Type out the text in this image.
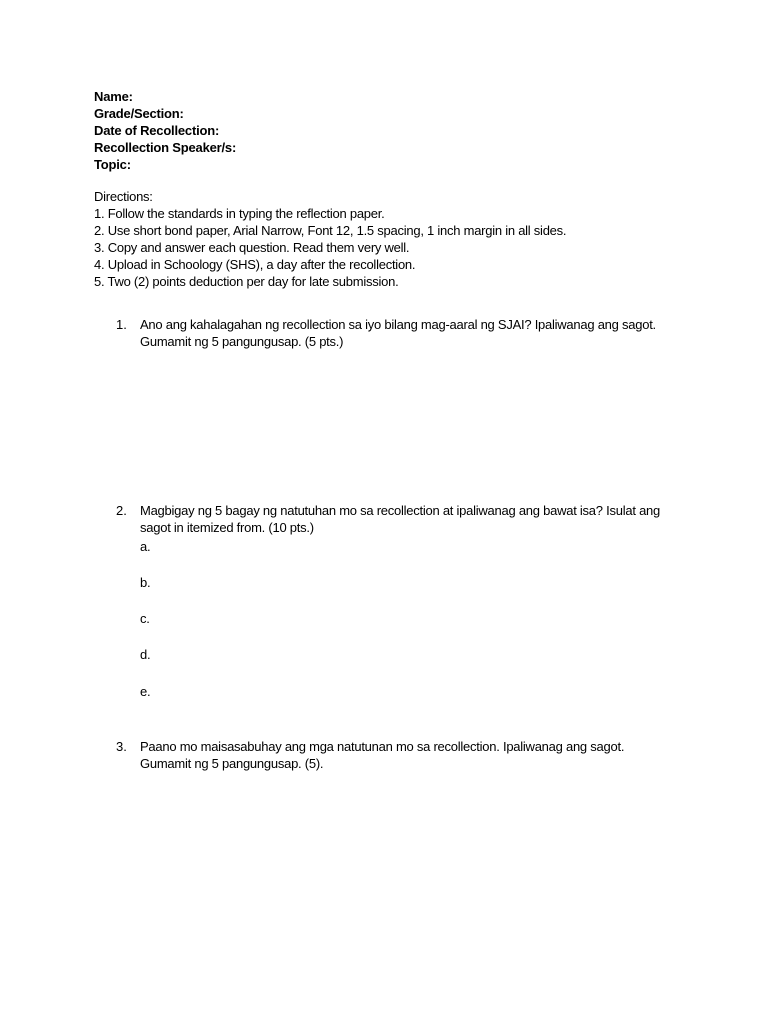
Name:
Grade/Section:
Date of Recollection:
Recollection Speaker/s:
Topic:
Directions:
1. Follow the standards in typing the reflection paper.
2. Use short bond paper, Arial Narrow, Font 12, 1.5 spacing, 1 inch margin in all sides.
3. Copy and answer each question. Read them very well.
4. Upload in Schoology (SHS), a day after the recollection.
5. Two (2) points deduction per day for late submission.
1. Ano ang kahalagahan ng recollection sa iyo bilang mag-aaral ng SJAI? Ipaliwanag ang sagot.
Gumamit ng 5 pangungusap. (5 pts.)
2. Magbigay ng 5 bagay ng natutuhan mo sa recollection at ipaliwanag ang bawat isa? Isulat ang
sagot in itemized from. (10 pts.)
a.
b.
c.
d.
e.
3. Paano mo maisasabuhay ang mga natutunan mo sa recollection. Ipaliwanag ang sagot.
Gumamit ng 5 pangungusap. (5).
